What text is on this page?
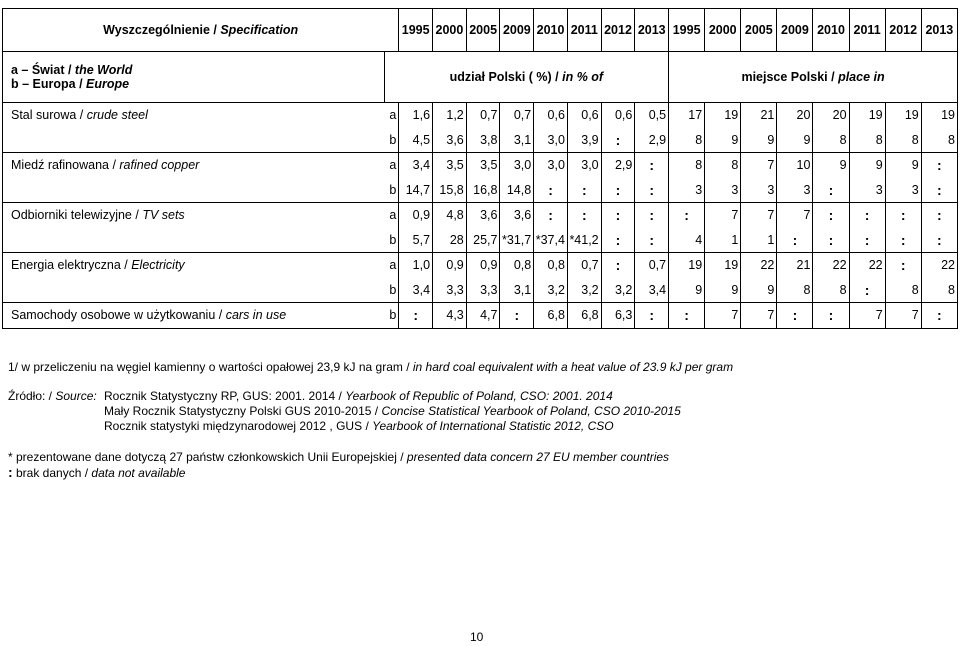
Wyszczególnienie / Specification		1995	2000	2005	2009	2010	2011	2012	2013	1995	2000	2005	2009	2010	2011	2012	2013

a – Świat / the World
b – Europa / Europe	udział Polski ( %) / in % of									miejsce Polski / place in							
Stal surowa / crude steel	a	1,6	1,2	0,7	0,7	0,6	0,6	0,6	0,5	17	19	21	20	20	19	19	19
	b	4,5	3,6	3,8	3,1	3,0	3,9	:	2,9	8	9	9	9	8	8	8	8
Miedź rafinowana / rafined copper	a	3,4	3,5	3,5	3,0	3,0	3,0	2,9	:	8	8	7	10	9	9	9	:
	b	14,7	15,8	16,8	14,8	:	:	:	:	3	3	3	3	:	3	3	:
Odbiorniki telewizyjne / TV sets	a	0,9	4,8	3,6	3,6	:	:	:	:	:	7	7	7	:	:	:	:
	b	5,7	28	25,7	*31,7	*37,4	*41,2	:	:	4	1	1	:	:	:	:	:
Energia elektryczna / Electricity	a	1,0	0,9	0,9	0,8	0,8	0,7	:	0,7	19	19	22	21	22	22	:	22
	b	3,4	3,3	3,3	3,1	3,2	3,2	3,2	3,4	9	9	9	8	8	:	8	8
Samochody osobowe w użytkowaniu / cars in use	b	:	4,3	4,7	:	6,8	6,8	6,3	:	:	7	7	:	:	7	7	:
1/ w przeliczeniu na węgiel kamienny o wartości opałowej 23,9 kJ na gram / in hard coal equivalent with a heat value of 23.9 kJ per gram
Źródło: / Source: Rocznik Statystyczny RP, GUS: 2001. 2014 / Yearbook of Republic of Poland, CSO: 2001. 2014
Mały Rocznik Statystyczny Polski GUS 2010-2015 / Concise Statistical Yearbook of Poland, CSO 2010-2015
Rocznik statystyki międzynarodowej 2012 , GUS / Yearbook of International Statistic 2012, CSO
* prezentowane dane dotyczą 27 państw członkowskich Unii Europejskiej / presented data concern 27 EU member countries
: brak danych / data not available
10
